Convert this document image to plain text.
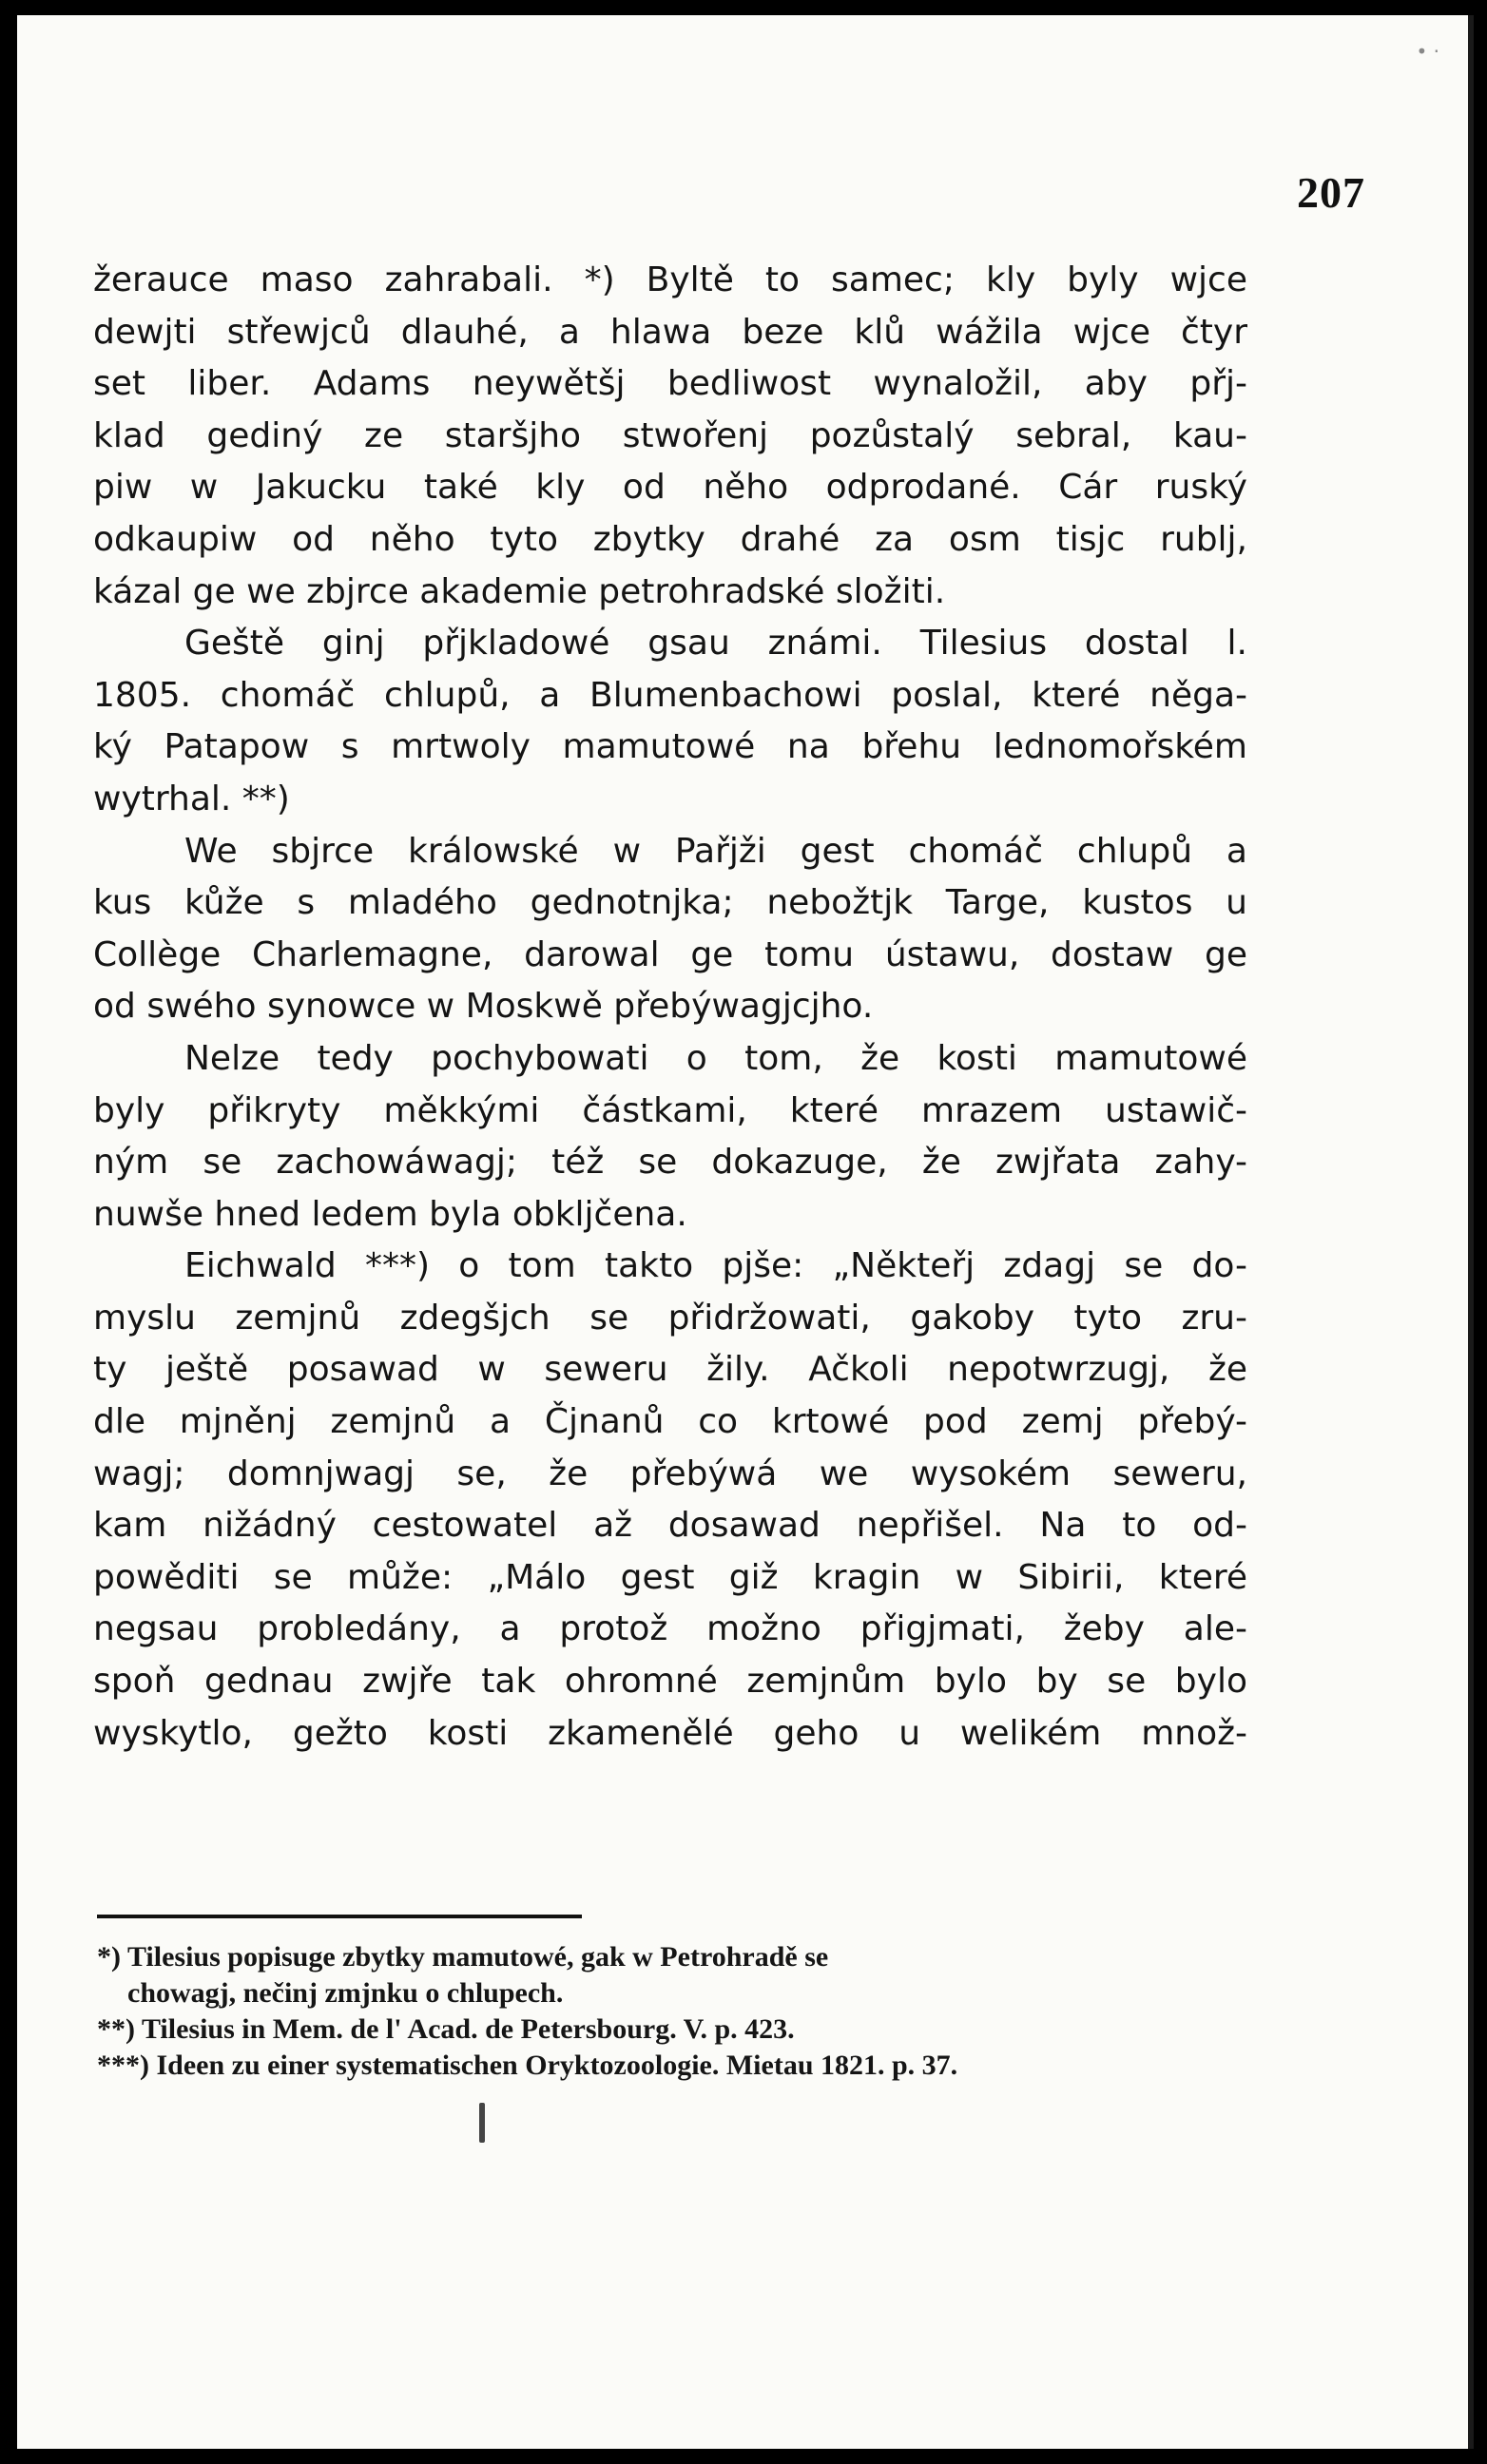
• ·
207
žerauce maso zahrabali. *) Byltě to samec; kly byly wjce
dewjti střewjců dlauhé, a hlawa beze klů wážila wjce čtyr
set liber. Adams neywětšj bedliwost wynaložil, aby přj-
klad gediný ze staršjho stwořenj pozůstalý sebral, kau-
piw w Jakucku také kly od něho odprodané. Cár ruský
odkaupiw od něho tyto zbytky drahé za osm tisjc rublj,
kázal ge we zbjrce akademie petrohradské složiti.
Geště ginj přjkladowé gsau známi. Tilesius dostal l.
1805. chomáč chlupů, a Blumenbachowi poslal, které něga-
ký Patapow s mrtwoly mamutowé na břehu lednomořském
wytrhal. **)
We sbjrce králowské w Pařjži gest chomáč chlupů a
kus kůže s mladého gednotnjka; nebožtjk Targe, kustos u
Collège Charlemagne, darowal ge tomu ústawu, dostaw ge
od swého synowce w Moskwě přebýwagjcjho.
Nelze tedy pochybowati o tom, že kosti mamutowé
byly přikryty měkkými částkami, které mrazem ustawič-
ným se zachowáwagj; též se dokazuge, že zwjřata zahy-
nuwše hned ledem byla obkljčena.
Eichwald ***) o tom takto pjše: „Někteřj zdagj se do-
myslu zemjnů zdegšjch se přidržowati, gakoby tyto zru-
ty ještě posawad w sewеru žily. Ačkoli nepotwrzugj, že
dle mjněnj zemjnů a Čjnanů co krtowé pod zemj přebý-
wagj; domnjwagj se, že přebýwá we wysokém sewеru,
kam nižádný cestowatel až dosawad nepřišel. Na to od-
powěditi se může: „Málo gest giž kragin w Sibirii, které
negsau probledány, a protož možno přigjmati, žeby ale-
spoň gednau zwjře tak ohromné zemjnům bylo by se bylo
wyskytlo, gežto kosti zkamenělé geho u welikém množ-
*) Tilesius popisuge zbytky mamutowé, gak w Petrohradě se
chowagj, nečinj zmjnku o chlupech.
**) Tilesius in Mem. de l' Acad. de Petersbourg. V. p. 423.
***) Ideen zu einer systematischen Oryktozoologie. Mietau 1821. p. 37.
